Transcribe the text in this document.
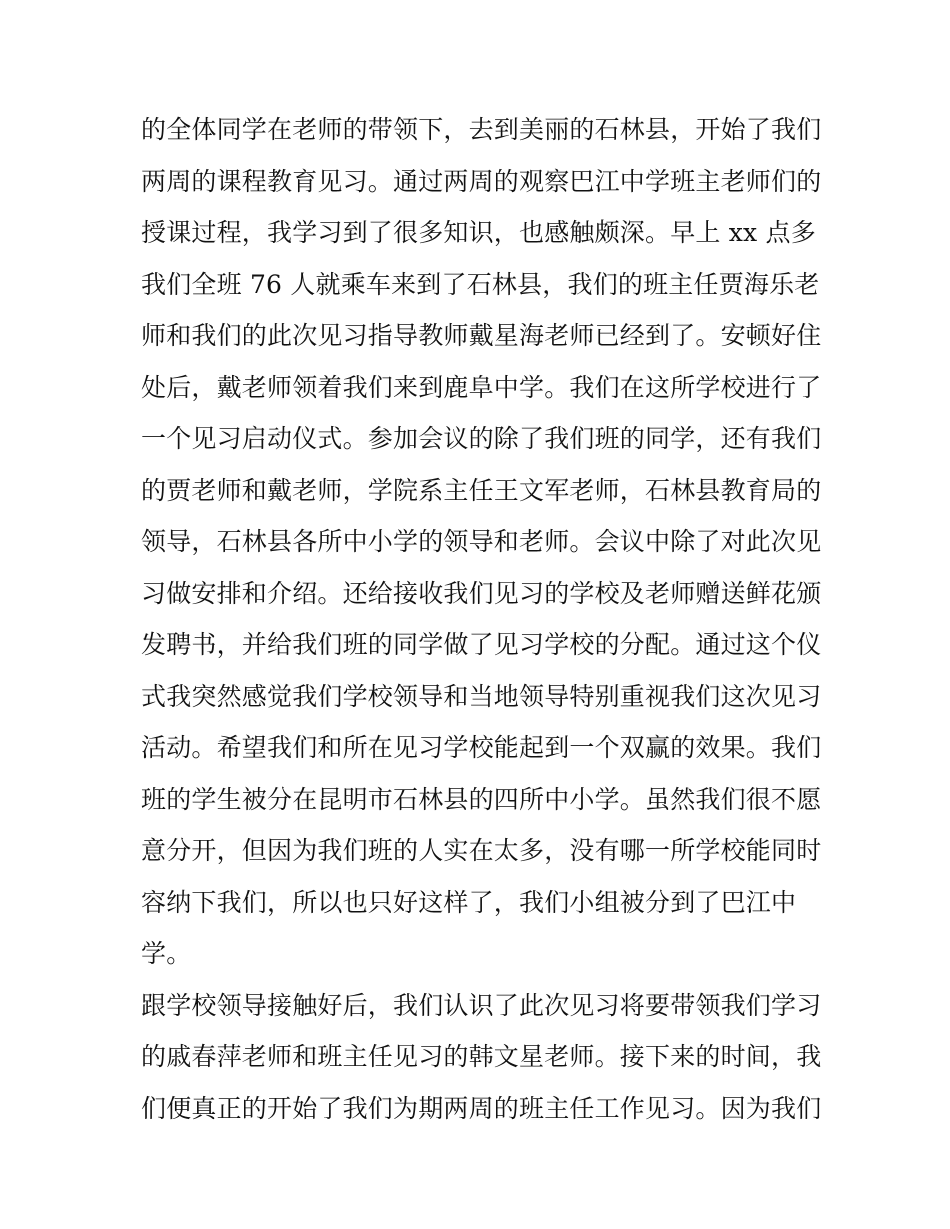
的全体同学在老师的带领下，去到美丽的石林县，开始了我们
两周的课程教育见习。通过两周的观察巴江中学班主老师们的
授课过程，我学习到了很多知识，也感触颇深。早上 xx 点多
我们全班 76 人就乘车来到了石林县，我们的班主任贾海乐老
师和我们的此次见习指导教师戴星海老师已经到了。安顿好住
处后，戴老师领着我们来到鹿阜中学。我们在这所学校进行了
一个见习启动仪式。参加会议的除了我们班的同学，还有我们
的贾老师和戴老师，学院系主任王文军老师，石林县教育局的
领导，石林县各所中小学的领导和老师。会议中除了对此次见
习做安排和介绍。还给接收我们见习的学校及老师赠送鲜花颁
发聘书，并给我们班的同学做了见习学校的分配。通过这个仪
式我突然感觉我们学校领导和当地领导特别重视我们这次见习
活动。希望我们和所在见习学校能起到一个双赢的效果。我们
班的学生被分在昆明市石林县的四所中小学。虽然我们很不愿
意分开，但因为我们班的人实在太多，没有哪一所学校能同时
容纳下我们，所以也只好这样了，我们小组被分到了巴江中
学。
跟学校领导接触好后，我们认识了此次见习将要带领我们学习
的戚春萍老师和班主任见习的韩文星老师。接下来的时间，我
们便真正的开始了我们为期两周的班主任工作见习。因为我们
